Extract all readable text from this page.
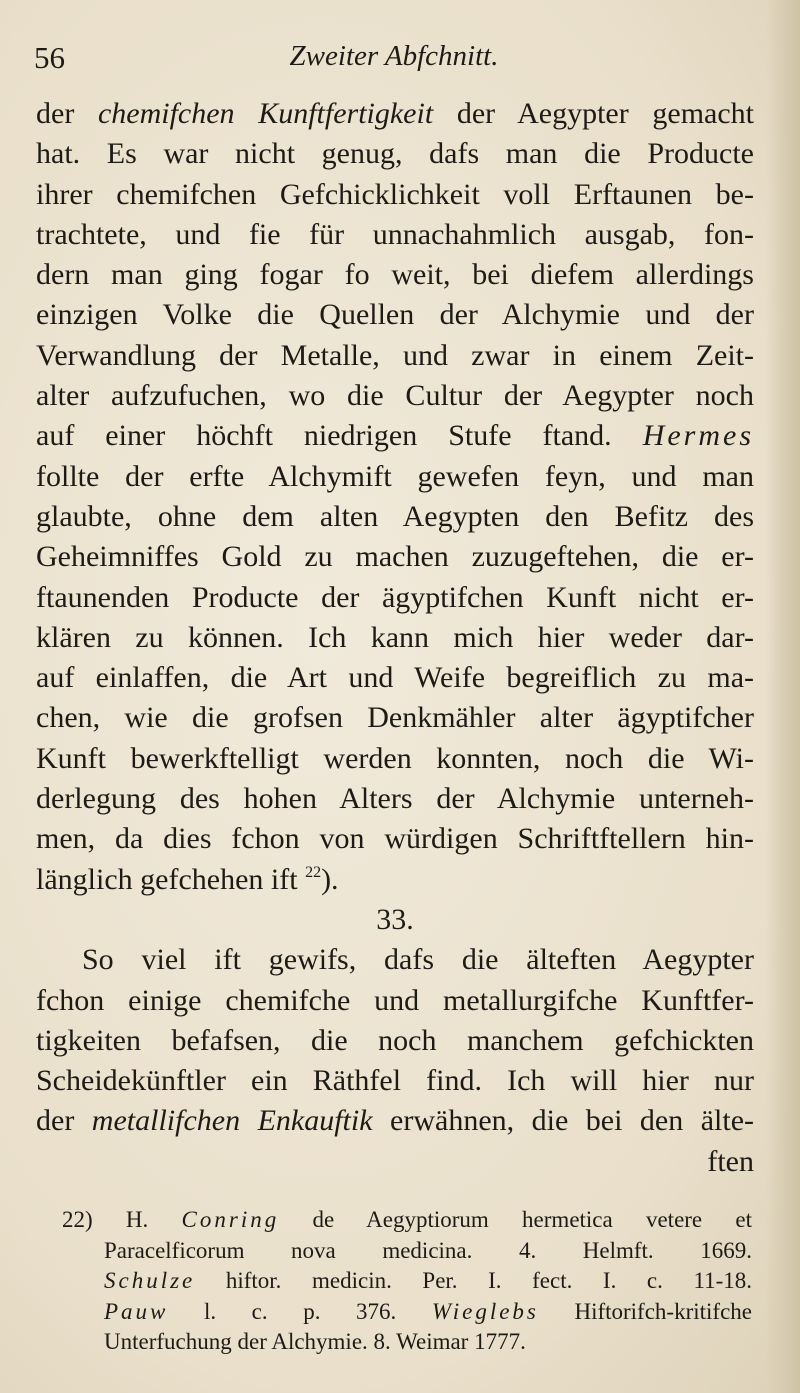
56	Zweiter Abfchnitt.
der chemifchen Kunftfertigkeit der Aegypter gemacht
hat. Es war nicht genug, dafs man die Producte
ihrer chemifchen Gefchicklichkeit voll Erftaunen be-
trachtete, und fie für unnachahmlich ausgab, fon-
dern man ging fogar fo weit, bei diefem allerdings
einzigen Volke die Quellen der Alchymie und der
Verwandlung der Metalle, und zwar in einem Zeit-
alter aufzufuchen, wo die Cultur der Aegypter noch
auf einer höchft niedrigen Stufe ftand. Hermes
follte der erfte Alchymift gewefen feyn, und man
glaubte, ohne dem alten Aegypten den Befitz des
Geheimniffes Gold zu machen zuzugeftehen, die er-
ftaunenden Producte der ägyptifchen Kunft nicht er-
klären zu können. Ich kann mich hier weder dar-
auf einlaffen, die Art und Weife begreiflich zu ma-
chen, wie die grofsen Denkmähler alter ägyptifcher
Kunft bewerkftelligt werden konnten, noch die Wi-
derlegung des hohen Alters der Alchymie unterneh-
men, da dies fchon von würdigen Schriftftellern hin-
länglich gefchehen ift $^{22}$).
33.
So viel ift gewifs, dafs die älteften Aegypter
fchon einige chemifche und metallurgifche Kunftfer-
tigkeiten befafsen, die noch manchem gefchickten
Scheidekünftler ein Räthfel find. Ich will hier nur
der metallifchen Enkauftik erwähnen, die bei den älte-
ften
22) H. Conring de Aegyptiorum hermetica vetere et
Paracelficorum nova medicina. 4. Helmft. 1669.
Schulze hiftor. medicin. Per. I. fect. I. c. 11-18.
Pauw l. c. p. 376. Wieglebs Hiftorifch-kritifche
Unterfuchung der Alchymie. 8. Weimar 1777.
